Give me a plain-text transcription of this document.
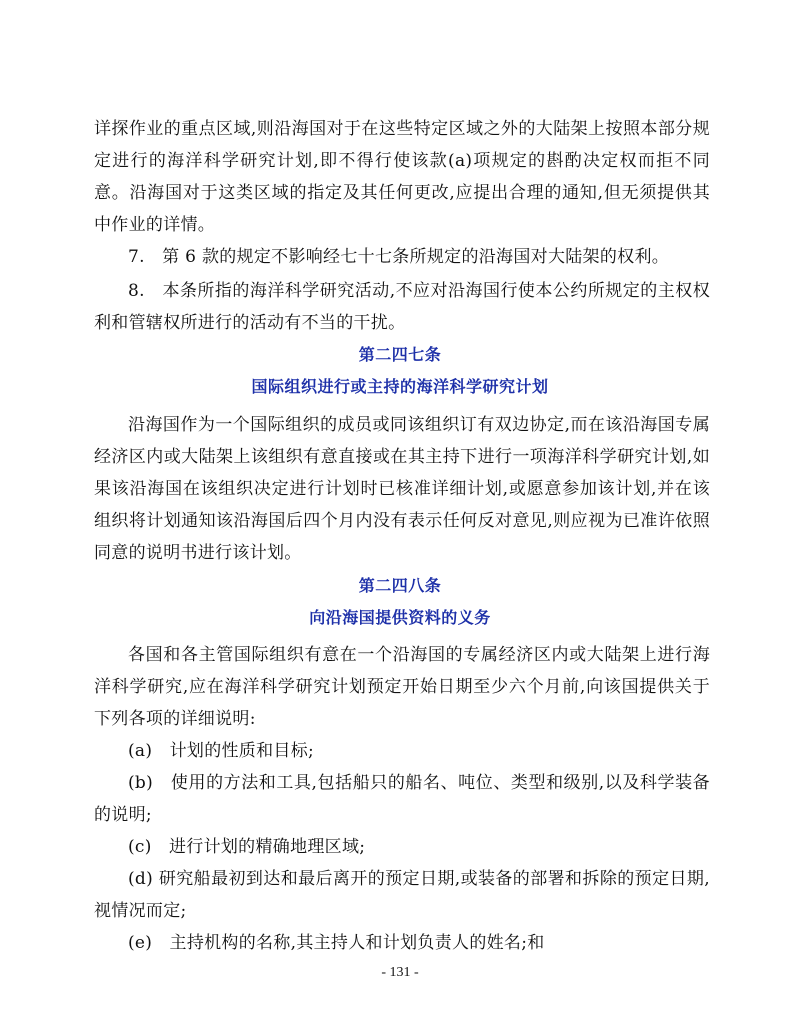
详探作业的重点区域,则沿海国对于在这些特定区域之外的大陆架上按照本部分规定进行的海洋科学研究计划,即不得行使该款(a)项规定的斟酌决定权而拒不同意。沿海国对于这类区域的指定及其任何更改,应提出合理的通知,但无须提供其中作业的详情。
7.　第 6 款的规定不影响经七十七条所规定的沿海国对大陆架的权利。
8.　本条所指的海洋科学研究活动,不应对沿海国行使本公约所规定的主权权利和管辖权所进行的活动有不当的干扰。
第二四七条
国际组织进行或主持的海洋科学研究计划
沿海国作为一个国际组织的成员或同该组织订有双边协定,而在该沿海国专属经济区内或大陆架上该组织有意直接或在其主持下进行一项海洋科学研究计划,如果该沿海国在该组织决定进行计划时已核准详细计划,或愿意参加该计划,并在该组织将计划通知该沿海国后四个月内没有表示任何反对意见,则应视为已准许依照同意的说明书进行该计划。
第二四八条
向沿海国提供资料的义务
各国和各主管国际组织有意在一个沿海国的专属经济区内或大陆架上进行海洋科学研究,应在海洋科学研究计划预定开始日期至少六个月前,向该国提供关于下列各项的详细说明:
(a)　计划的性质和目标;
(b)　使用的方法和工具,包括船只的船名、吨位、类型和级别,以及科学装备的说明;
(c)　进行计划的精确地理区域;
(d) 研究船最初到达和最后离开的预定日期,或装备的部署和拆除的预定日期,视情况而定;
(e)　主持机构的名称,其主持人和计划负责人的姓名;和
- 131 -
